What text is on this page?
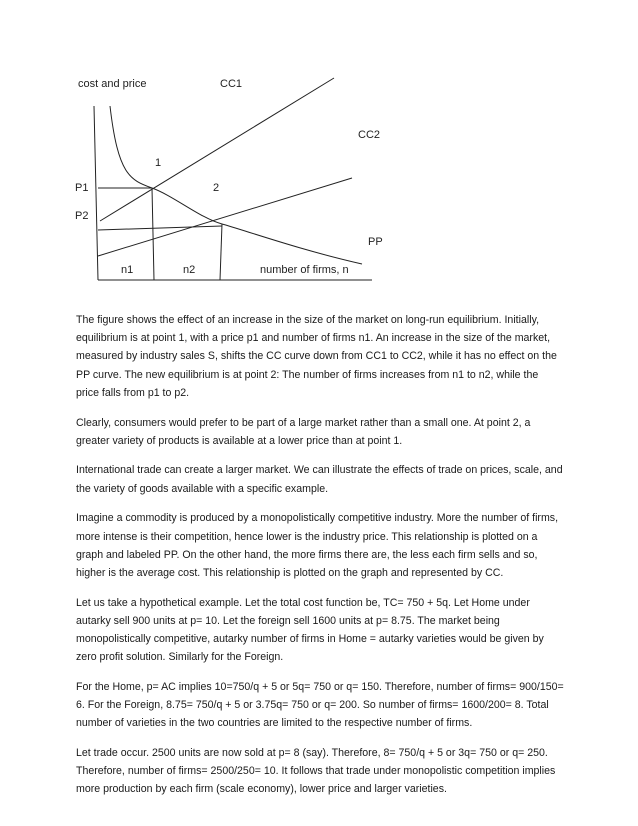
cost and price	CC1
CC2
PP
1
2
P1
P2
n1	n2	number of firms, n

The figure shows the effect of an increase in the size of the market on long-run equilibrium. Initially, equilibrium is at point 1, with a price p1 and number of firms n1. An increase in the size of the market, measured by industry sales S, shifts the CC curve down from CC1 to CC2, while it has no effect on the PP curve. The new equilibrium is at point 2: The number of firms increases from n1 to n2, while the price falls from p1 to p2.

Clearly, consumers would prefer to be part of a large market rather than a small one. At point 2, a greater variety of products is available at a lower price than at point 1.

International trade can create a larger market. We can illustrate the effects of trade on prices, scale, and the variety of goods available with a specific example.

Imagine a commodity is produced by a monopolistically competitive industry. More the number of firms, more intense is their competition, hence lower is the industry price. This relationship is plotted on a graph and labeled PP. On the other hand, the more firms there are, the less each firm sells and so, higher is the average cost. This relationship is plotted on the graph and represented by CC.

Let us take a hypothetical example. Let the total cost function be, TC= 750 + 5q. Let Home under autarky sell 900 units at p= 10. Let the foreign sell 1600 units at p= 8.75. The market being monopolistically competitive, autarky number of firms in Home = autarky varieties would be given by zero profit solution. Similarly for the Foreign.

For the Home, p= AC implies 10=750/q + 5 or 5q= 750 or q= 150. Therefore, number of firms= 900/150= 6. For the Foreign, 8.75= 750/q + 5 or 3.75q= 750 or q= 200. So number of firms= 1600/200= 8. Total number of varieties in the two countries are limited to the respective number of firms.

Let trade occur. 2500 units are now sold at p= 8 (say). Therefore, 8= 750/q + 5 or 3q= 750 or q= 250. Therefore, number of firms= 2500/250= 10. It follows that trade under monopolistic competition implies more production by each firm (scale economy), lower price and larger varieties.
